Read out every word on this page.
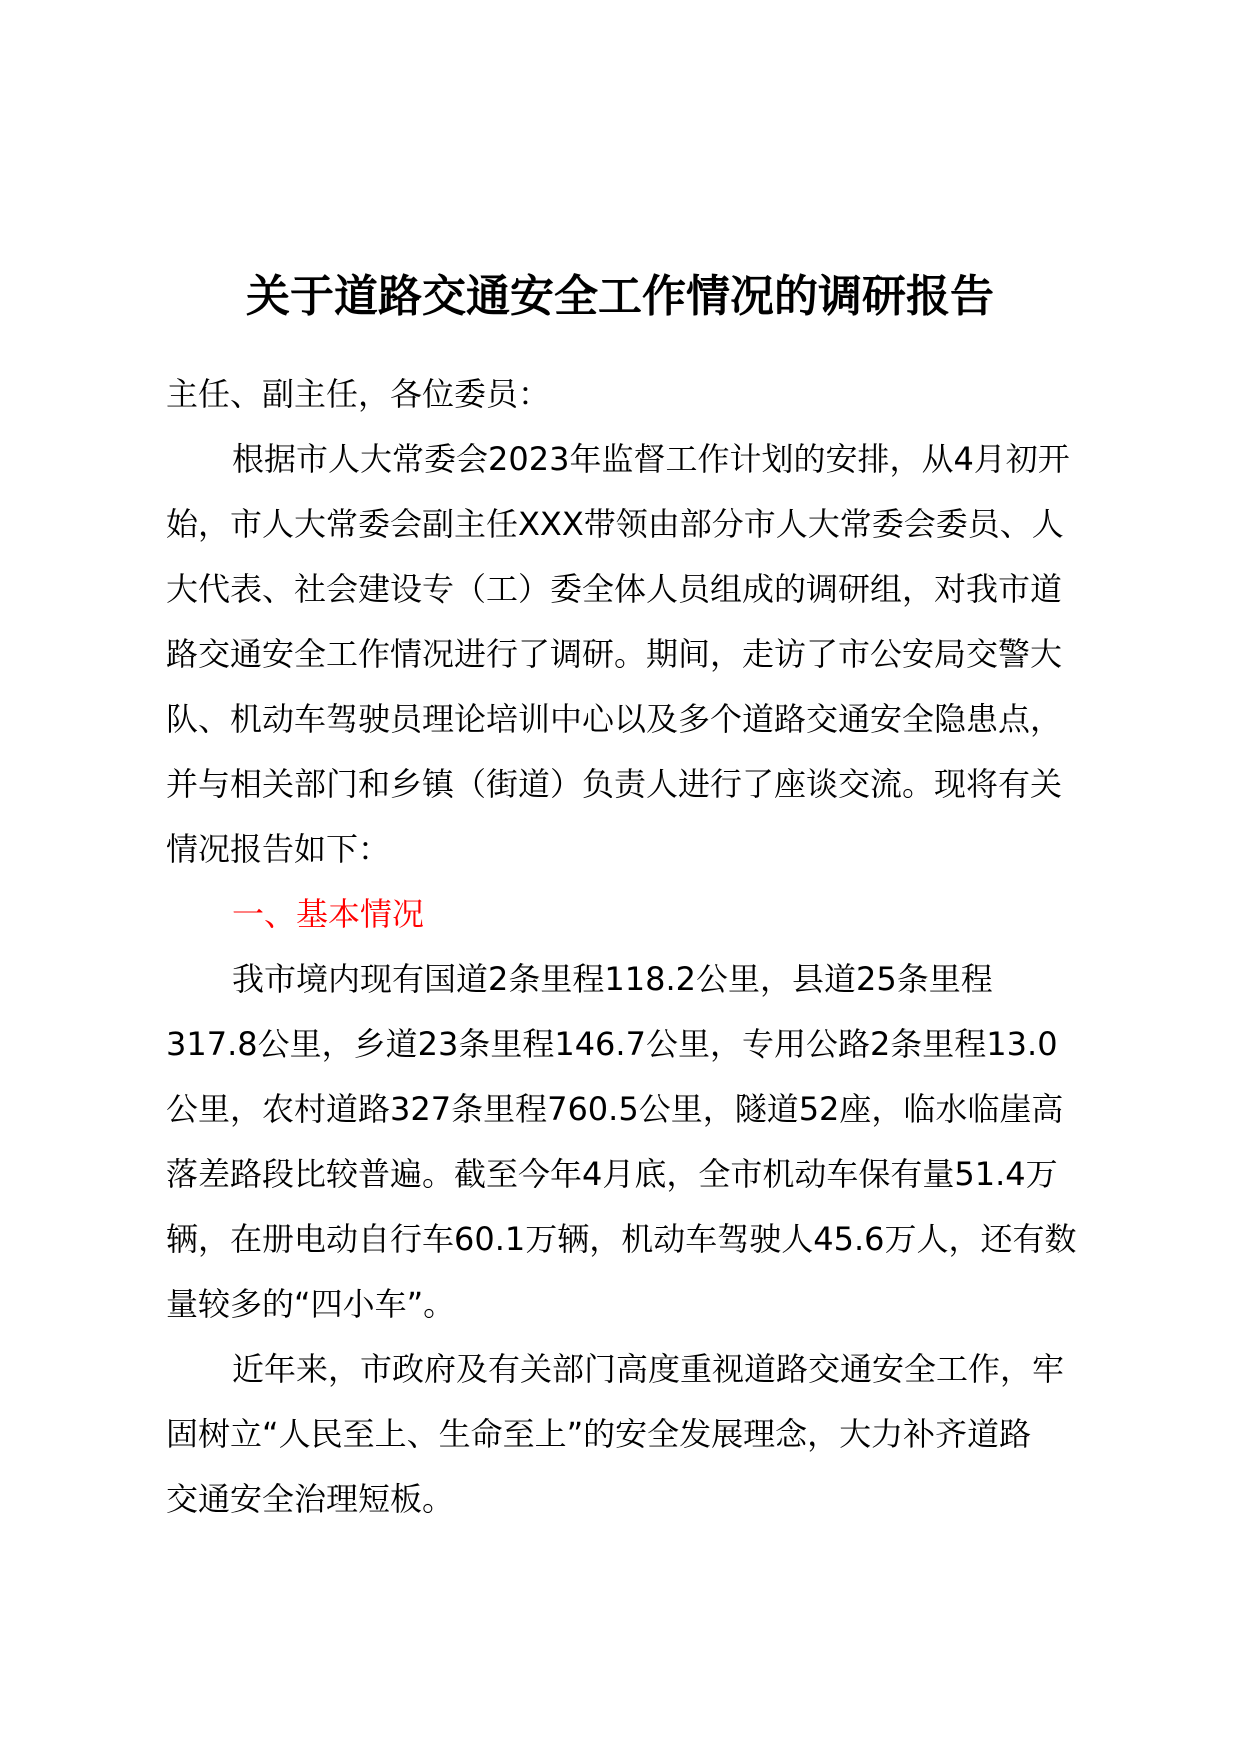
关于道路交通安全工作情况的调研报告

主任、副主任，各位委员：

根据市人大常委会2023年监督工作计划的安排，从4月初开
始，市人大常委会副主任XXX带领由部分市人大常委会委员、人
大代表、社会建设专（工）委全体人员组成的调研组，对我市道
路交通安全工作情况进行了调研。期间，走访了市公安局交警大
队、机动车驾驶员理论培训中心以及多个道路交通安全隐患点，
并与相关部门和乡镇（街道）负责人进行了座谈交流。现将有关
情况报告如下：

一、基本情况

我市境内现有国道2条里程118.2公里，县道25条里程
317.8公里，乡道23条里程146.7公里，专用公路2条里程13.0
公里，农村道路327条里程760.5公里，隧道52座，临水临崖高
落差路段比较普遍。截至今年4月底，全市机动车保有量51.4万
辆，在册电动自行车60.1万辆，机动车驾驶人45.6万人，还有数
量较多的“四小车”。

近年来，市政府及有关部门高度重视道路交通安全工作，牢
固树立“人民至上、生命至上”的安全发展理念，大力补齐道路
交通安全治理短板。
